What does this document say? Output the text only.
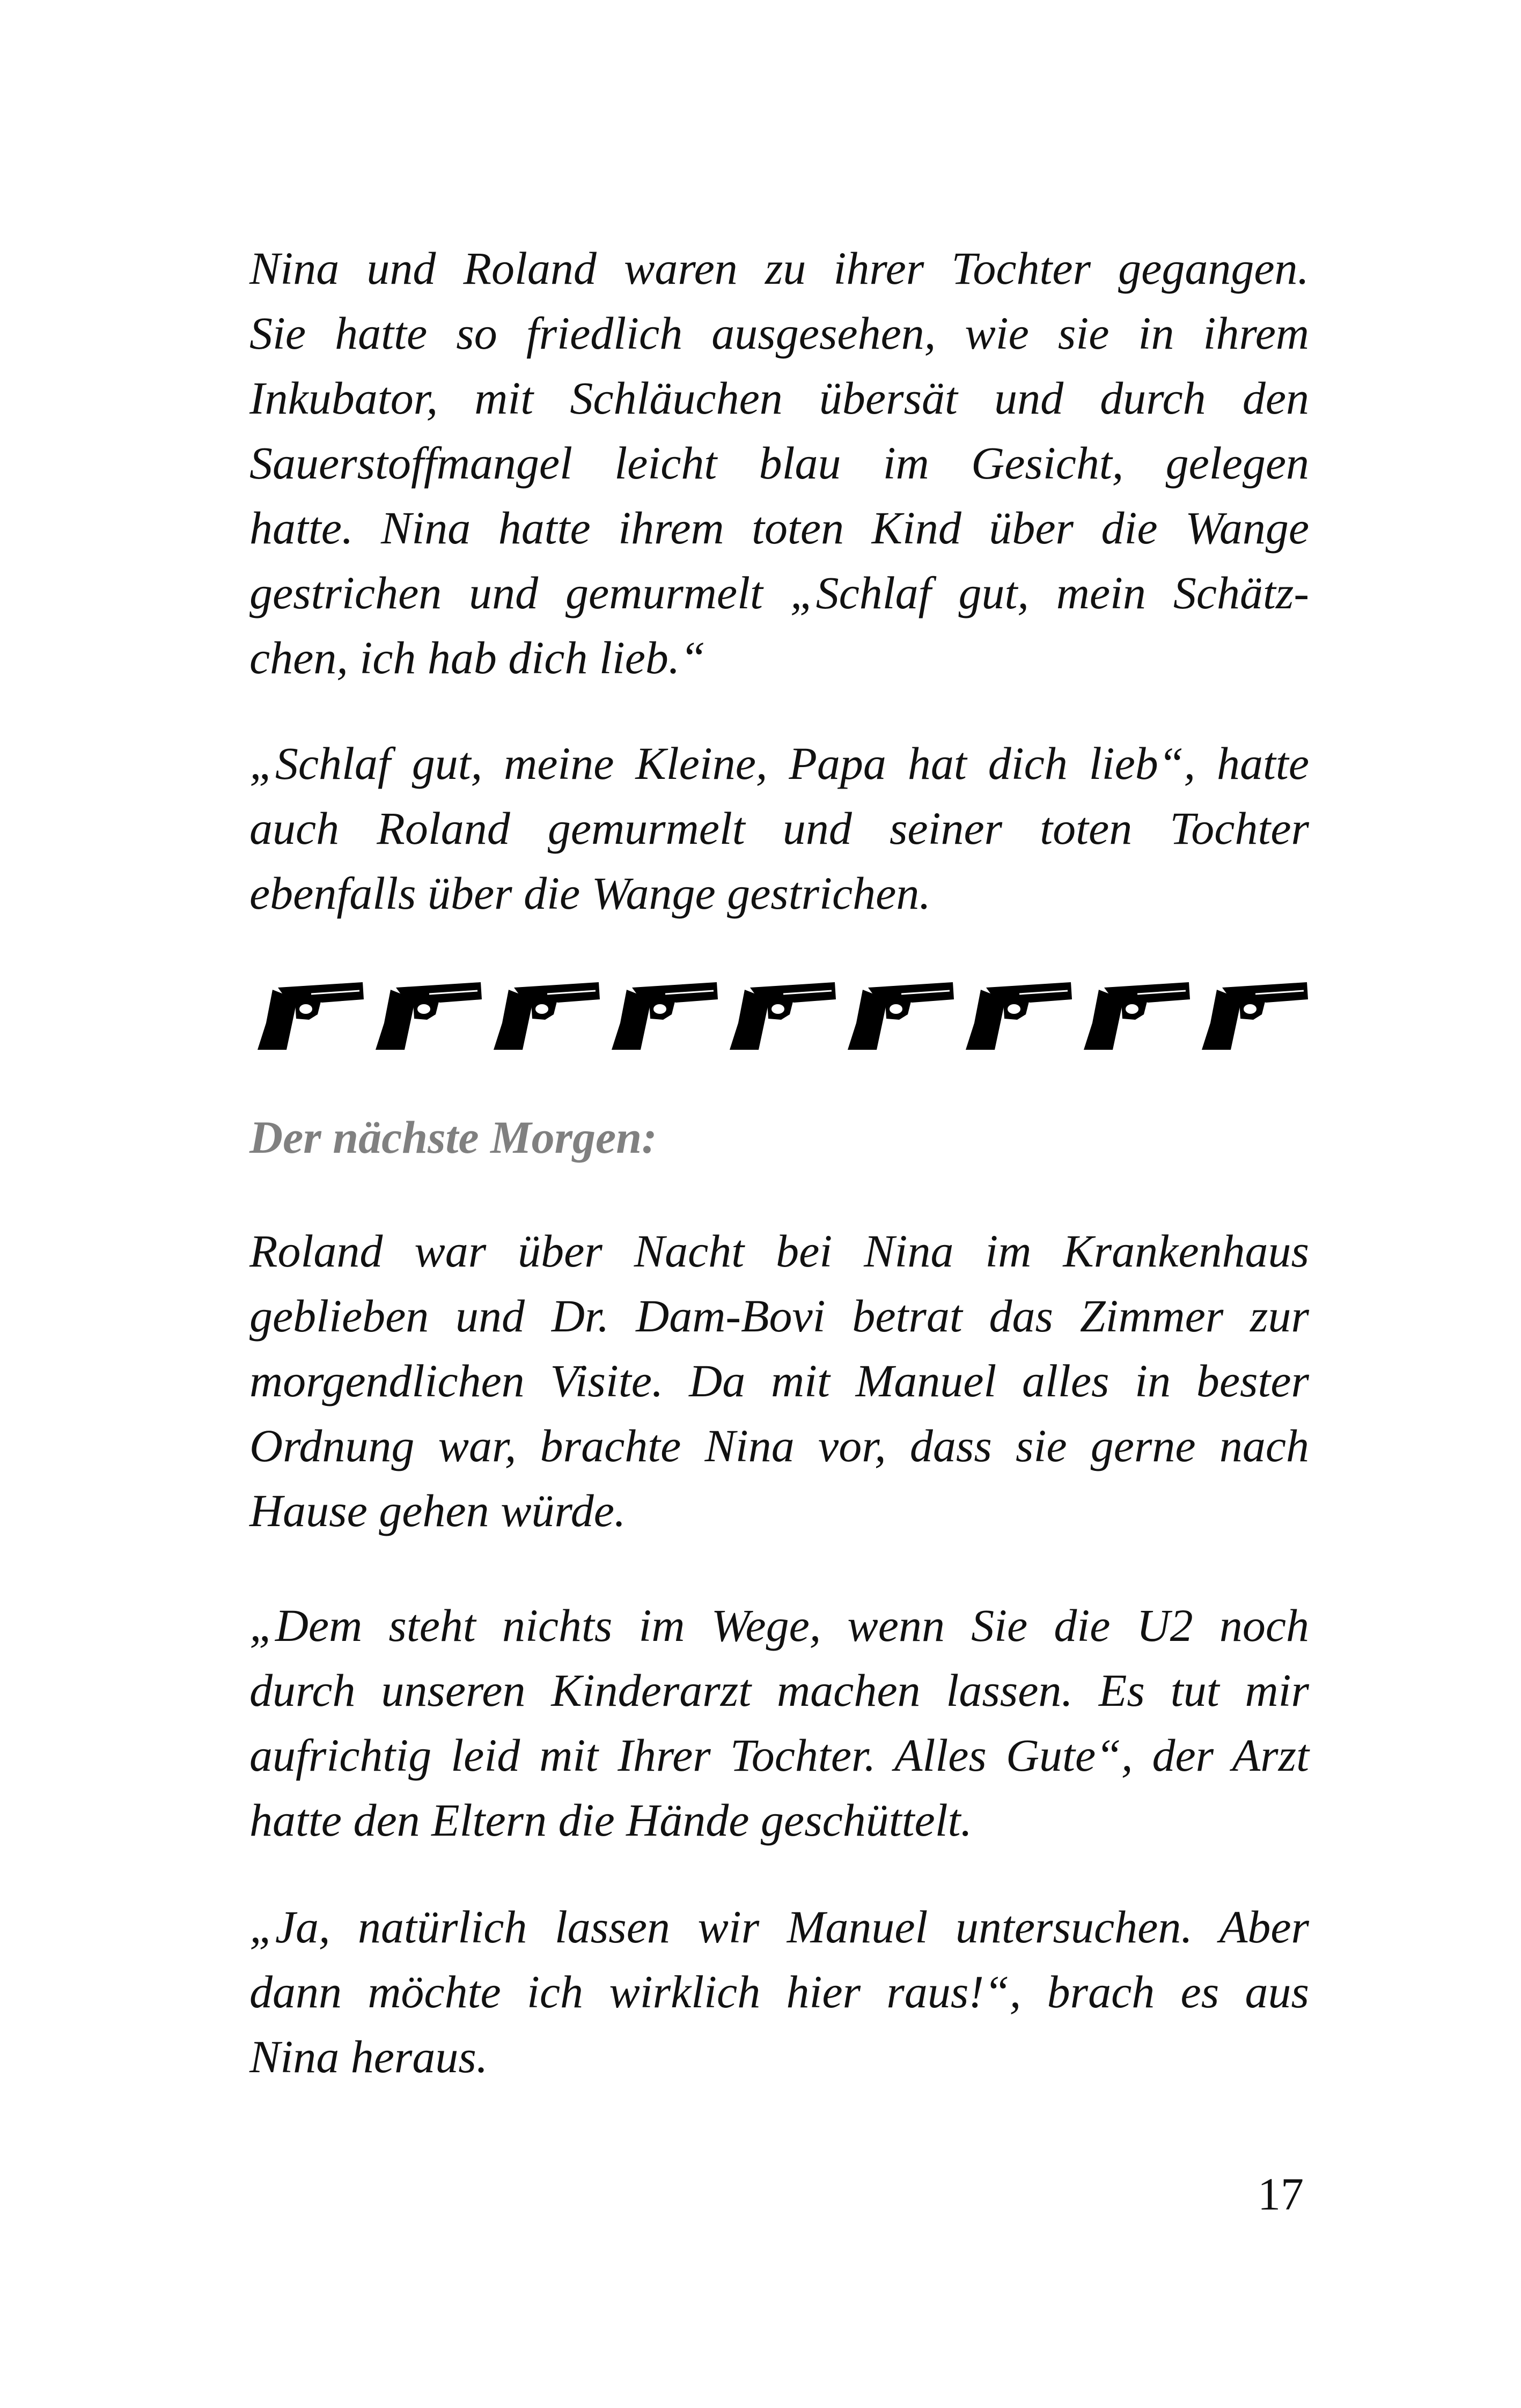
Nina und Roland waren zu ihrer Tochter gegangen.
Sie hatte so friedlich ausgesehen, wie sie in ihrem
Inkubator, mit Schläuchen übersät und durch den
Sauerstoffmangel leicht blau im Gesicht, gelegen
hatte. Nina hatte ihrem toten Kind über die Wange
gestrichen und gemurmelt „Schlaf gut, mein Schätz-
chen, ich hab dich lieb.“
„Schlaf gut, meine Kleine, Papa hat dich lieb“, hatte
auch Roland gemurmelt und seiner toten Tochter
ebenfalls über die Wange gestrichen.
Der nächste Morgen:
Roland war über Nacht bei Nina im Krankenhaus
geblieben und Dr. Dam-Bovi betrat das Zimmer zur
morgendlichen Visite. Da mit Manuel alles in bester
Ordnung war, brachte Nina vor, dass sie gerne nach
Hause gehen würde.
„Dem steht nichts im Wege, wenn Sie die U2 noch
durch unseren Kinderarzt machen lassen. Es tut mir
aufrichtig leid mit Ihrer Tochter. Alles Gute“, der Arzt
hatte den Eltern die Hände geschüttelt.
„Ja, natürlich lassen wir Manuel untersuchen. Aber
dann möchte ich wirklich hier raus!“, brach es aus
Nina heraus.
17
